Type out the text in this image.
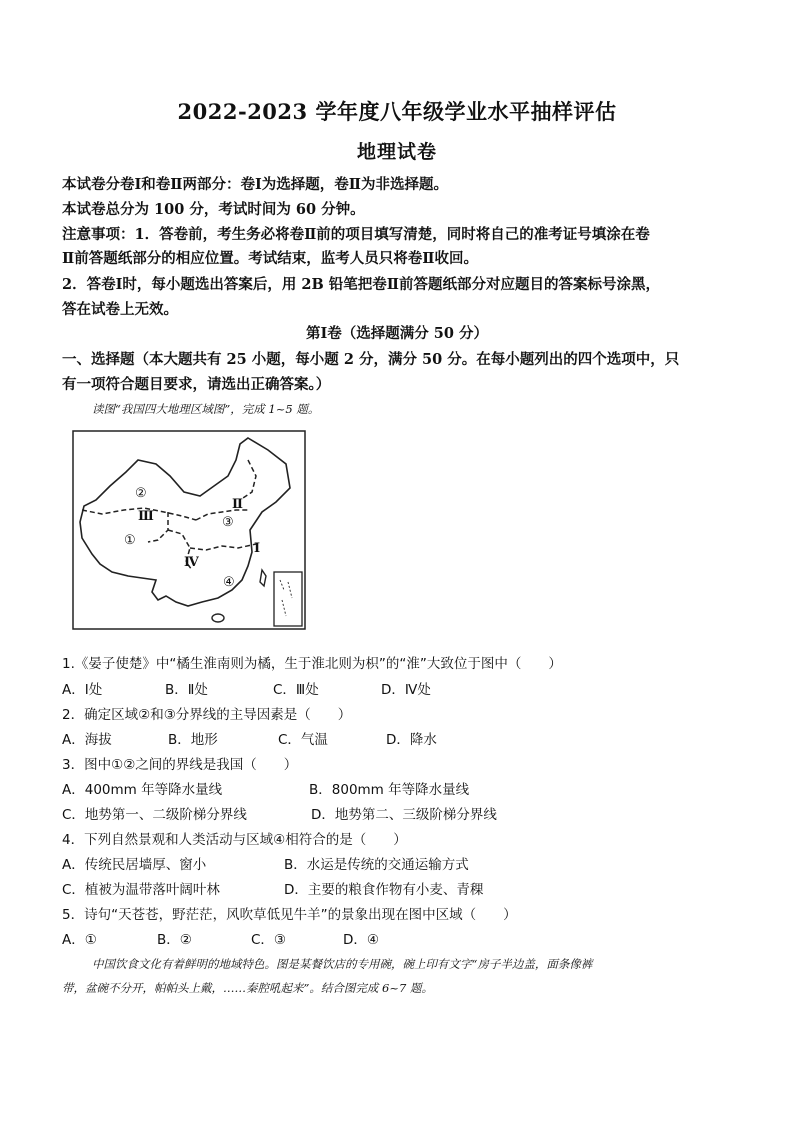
2022-2023 学年度八年级学业水平抽样评估
地理试卷
本试卷分卷Ⅰ和卷Ⅱ两部分：卷Ⅰ为选择题，卷Ⅱ为非选择题。
本试卷总分为 100 分，考试时间为 60 分钟。
注意事项：1．答卷前，考生务必将卷Ⅱ前的项目填写清楚，同时将自己的准考证号填涂在卷
Ⅱ前答题纸部分的相应位置。考试结束，监考人员只将卷Ⅱ收回。
2．答卷Ⅰ时，每小题选出答案后，用 2B 铅笔把卷Ⅱ前答题纸部分对应题目的答案标号涂黑，
答在试卷上无效。
第Ⅰ卷（选择题满分 50 分）
一、选择题（本大题共有 25 小题，每小题 2 分，满分 50 分。在每小题列出的四个选项中，只
有一项符合题目要求，请选出正确答案。）
读图“我国四大地理区域图”，完成 1~5 题。
②
①
③
④
Ⅲ
Ⅳ
Ⅱ
Ⅰ
1.《晏子使楚》中“橘生淮南则为橘，生于淮北则为枳”的“淮”大致位于图中（　　）
A．Ⅰ处	B．Ⅱ处	C．Ⅲ处	D．Ⅳ处
2．确定区域②和③分界线的主导因素是（　　）
A．海拔	B．地形	C．气温	D．降水
3．图中①②之间的界线是我国（　　）
A．400mm 年等降水量线	B．800mm 年等降水量线
C．地势第一、二级阶梯分界线	D．地势第二、三级阶梯分界线
4．下列自然景观和人类活动与区域④相符合的是（　　）
A．传统民居墙厚、窗小	B．水运是传统的交通运输方式
C．植被为温带落叶阔叶林	D．主要的粮食作物有小麦、青稞
5．诗句“天苍苍，野茫茫，风吹草低见牛羊”的景象出现在图中区域（　　）
A．①	B．②	C．③	D．④
中国饮食文化有着鲜明的地域特色。图是某餐饮店的专用碗，碗上印有文字“房子半边盖，面条像裤
带，盆碗不分开，帕帕头上戴，……秦腔吼起来”。结合图完成 6~7 题。
